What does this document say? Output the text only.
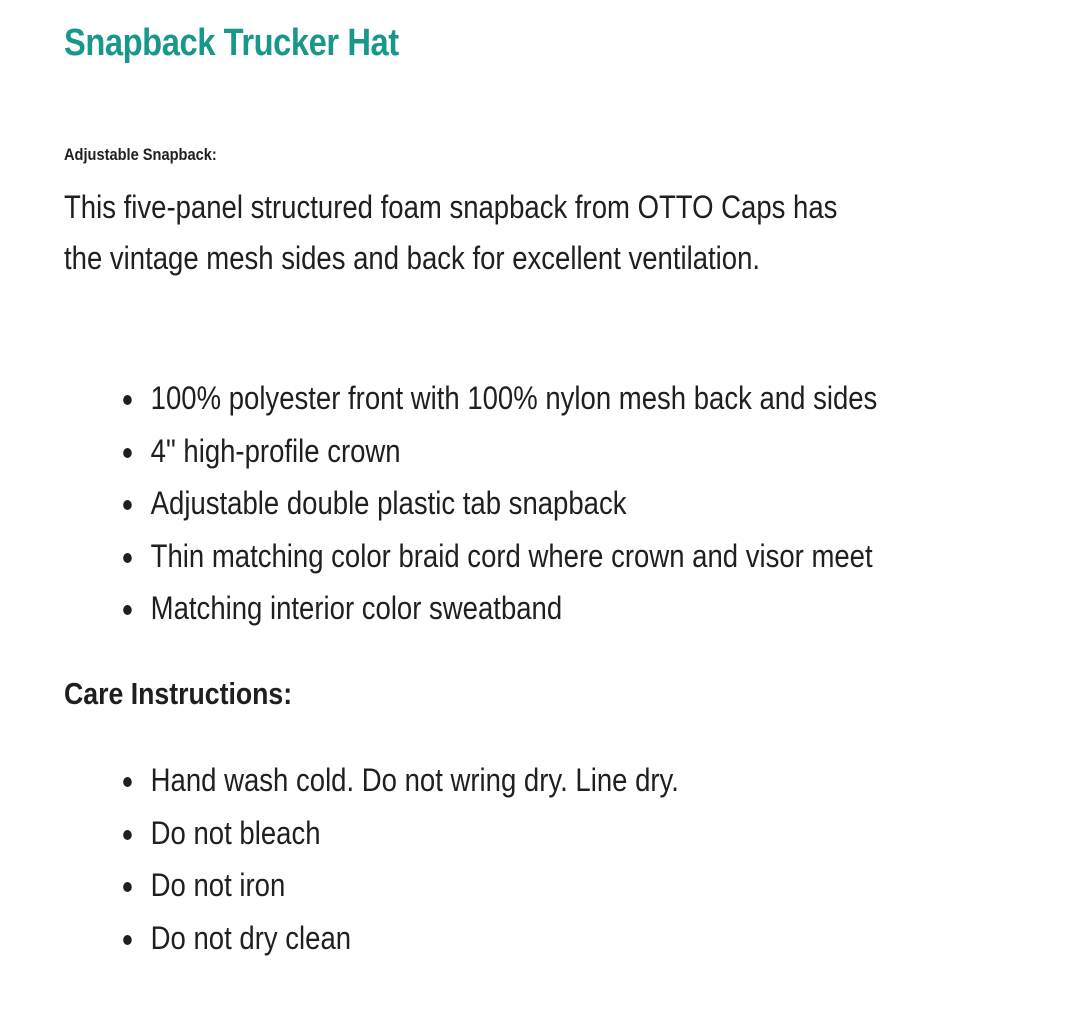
Snapback Trucker Hat
Adjustable Snapback:

This five-panel structured foam snapback from OTTO Caps has
the vintage mesh sides and back for excellent ventilation.

100% polyester front with 100% nylon mesh back and sides
4" high-profile crown
Adjustable double plastic tab snapback
Thin matching color braid cord where crown and visor meet
Matching interior color sweatband
Care Instructions:
Hand wash cold. Do not wring dry. Line dry.
Do not bleach
Do not iron
Do not dry clean
